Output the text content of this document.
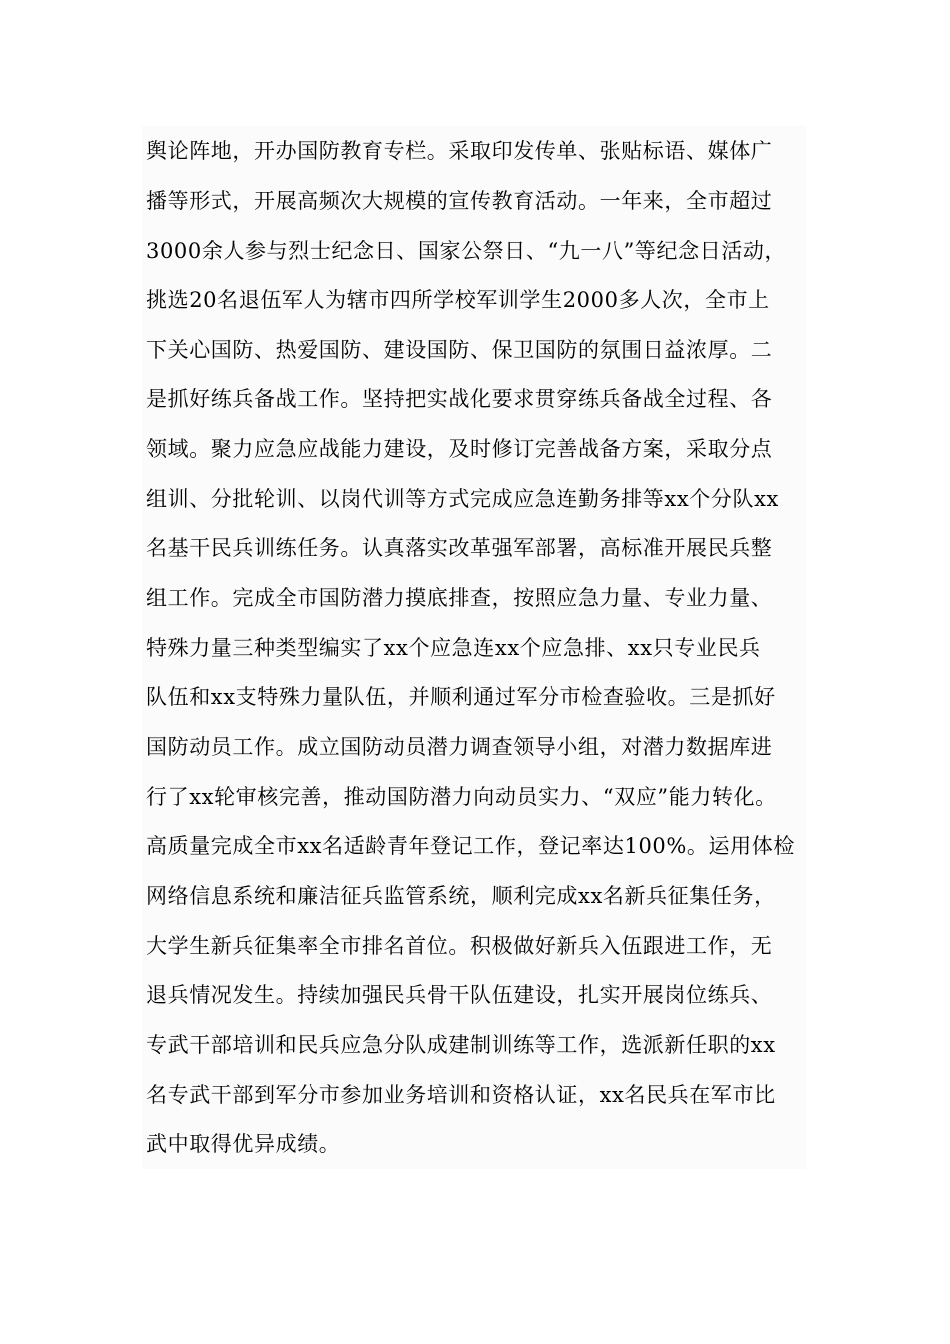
舆论阵地，开办国防教育专栏。采取印发传单、张贴标语、媒体广
播等形式，开展高频次大规模的宣传教育活动。一年来，全市超过
3000余人参与烈士纪念日、国家公祭日、“九一八”等纪念日活动，
挑选20名退伍军人为辖市四所学校军训学生2000多人次，全市上
下关心国防、热爱国防、建设国防、保卫国防的氛围日益浓厚。二
是抓好练兵备战工作。坚持把实战化要求贯穿练兵备战全过程、各
领域。聚力应急应战能力建设，及时修订完善战备方案，采取分点
组训、分批轮训、以岗代训等方式完成应急连勤务排等xx个分队xx
名基干民兵训练任务。认真落实改革强军部署，高标准开展民兵整
组工作。完成全市国防潜力摸底排查，按照应急力量、专业力量、
特殊力量三种类型编实了xx个应急连xx个应急排、xx只专业民兵
队伍和xx支特殊力量队伍，并顺利通过军分市检查验收。三是抓好
国防动员工作。成立国防动员潜力调查领导小组，对潜力数据库进
行了xx轮审核完善，推动国防潜力向动员实力、“双应”能力转化。
高质量完成全市xx名适龄青年登记工作，登记率达100%。运用体检
网络信息系统和廉洁征兵监管系统，顺利完成xx名新兵征集任务，
大学生新兵征集率全市排名首位。积极做好新兵入伍跟进工作，无
退兵情况发生。持续加强民兵骨干队伍建设，扎实开展岗位练兵、
专武干部培训和民兵应急分队成建制训练等工作，选派新任职的xx
名专武干部到军分市参加业务培训和资格认证，xx名民兵在军市比
武中取得优异成绩。
